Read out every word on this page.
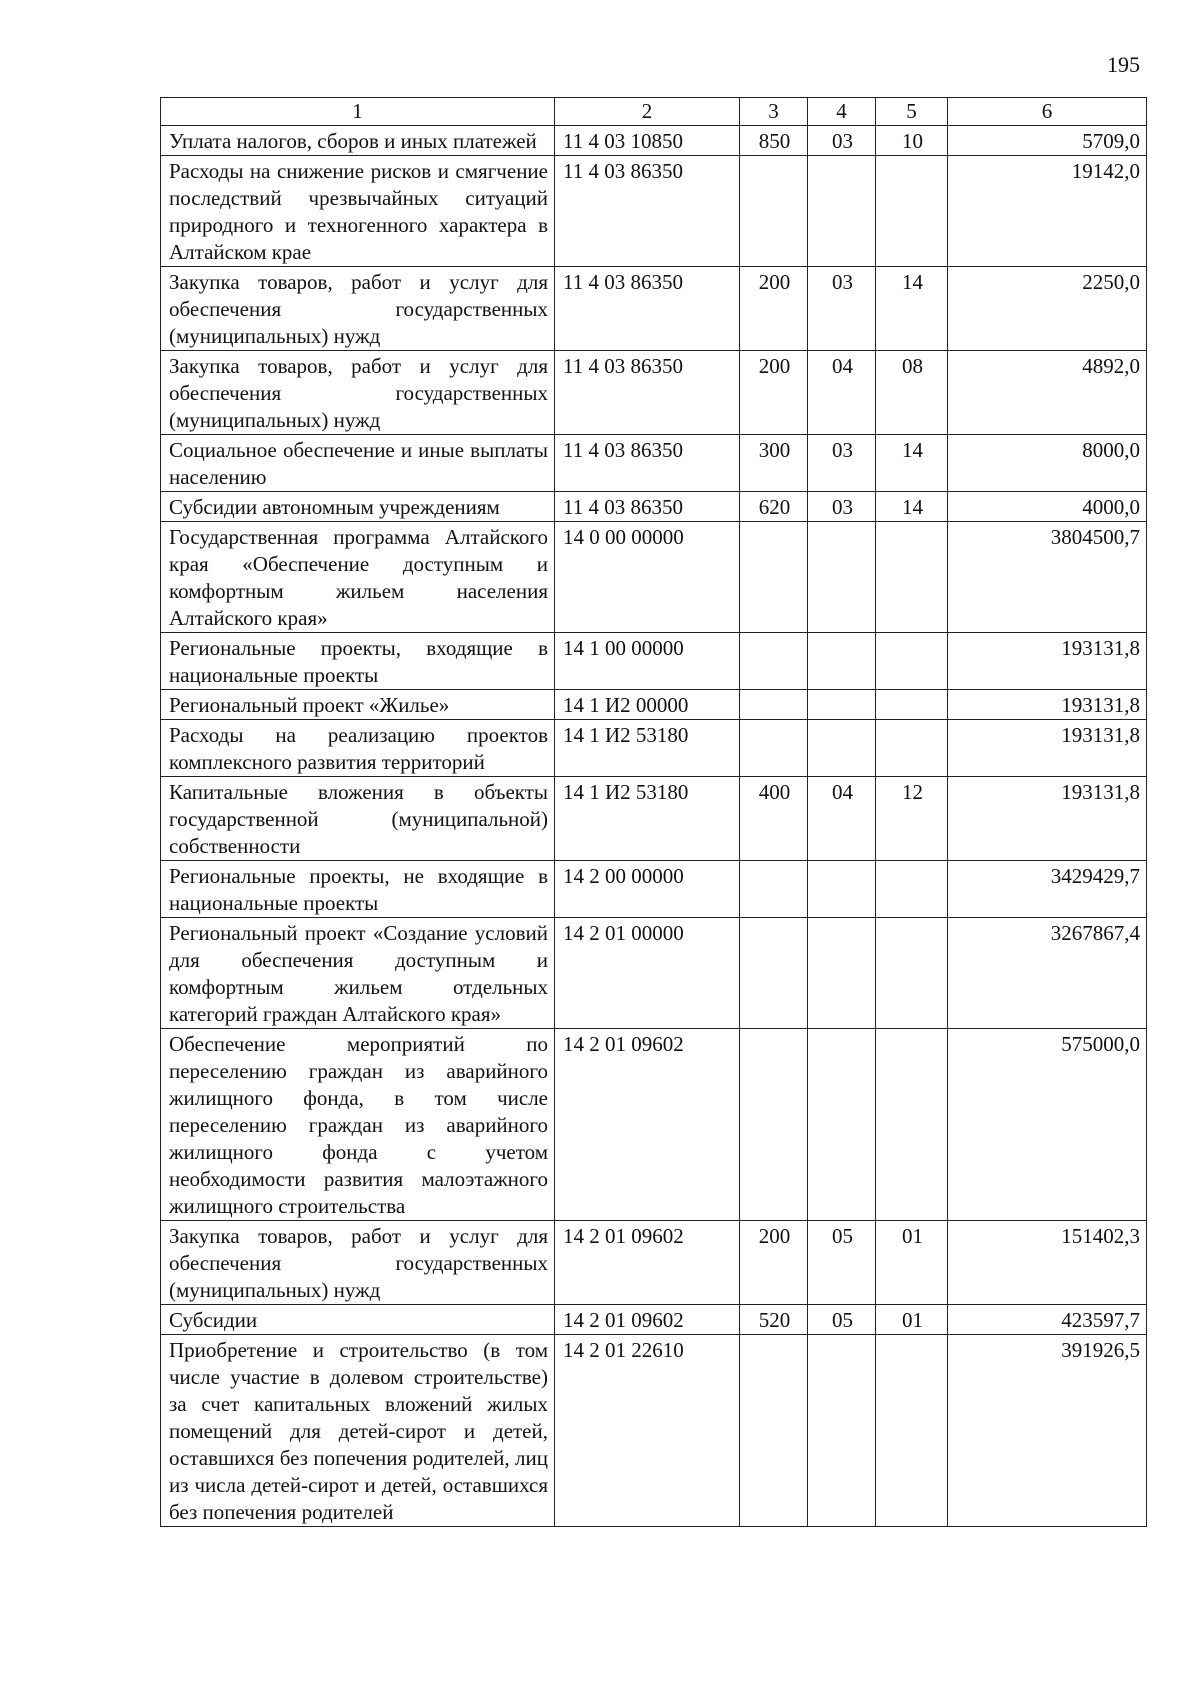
195
1	2	3	4	5	6
Уплата налогов, сборов и иных платежей	11 4 03 10850	850	03	10	5709,0
Расходы на снижение рисков и смягчение последствий чрезвычайных ситуаций природного и техногенного характера в Алтайском крае	11 4 03 86350				19142,0
Закупка товаров, работ и услуг для обеспечения государственных (муниципальных) нужд	11 4 03 86350	200	03	14	2250,0
Закупка товаров, работ и услуг для обеспечения государственных (муниципальных) нужд	11 4 03 86350	200	04	08	4892,0
Социальное обеспечение и иные выплаты населению	11 4 03 86350	300	03	14	8000,0
Субсидии автономным учреждениям	11 4 03 86350	620	03	14	4000,0
Государственная программа Алтайского края «Обеспечение доступным и комфортным жильем населения Алтайского края»	14 0 00 00000				3804500,7
Региональные проекты, входящие в национальные проекты	14 1 00 00000				193131,8
Региональный проект «Жилье»	14 1 И2 00000				193131,8
Расходы на реализацию проектов комплексного развития территорий	14 1 И2 53180				193131,8
Капитальные вложения в объекты государственной (муниципальной) собственности	14 1 И2 53180	400	04	12	193131,8
Региональные проекты, не входящие в национальные проекты	14 2 00 00000				3429429,7
Региональный проект «Создание условий для обеспечения доступным и комфортным жильем отдельных категорий граждан Алтайского края»	14 2 01 00000				3267867,4
Обеспечение мероприятий по переселению граждан из аварийного жилищного фонда, в том числе переселению граждан из аварийного жилищного фонда с учетом необходимости развития малоэтажного жилищного строительства	14 2 01 09602				575000,0
Закупка товаров, работ и услуг для обеспечения государственных (муниципальных) нужд	14 2 01 09602	200	05	01	151402,3
Субсидии	14 2 01 09602	520	05	01	423597,7
Приобретение и строительство (в том числе участие в долевом строительстве) за счет капитальных вложений жилых помещений для детей-сирот и детей, оставшихся без попечения родителей, лиц из числа детей-сирот и детей, оставшихся без попечения родителей	14 2 01 22610				391926,5
